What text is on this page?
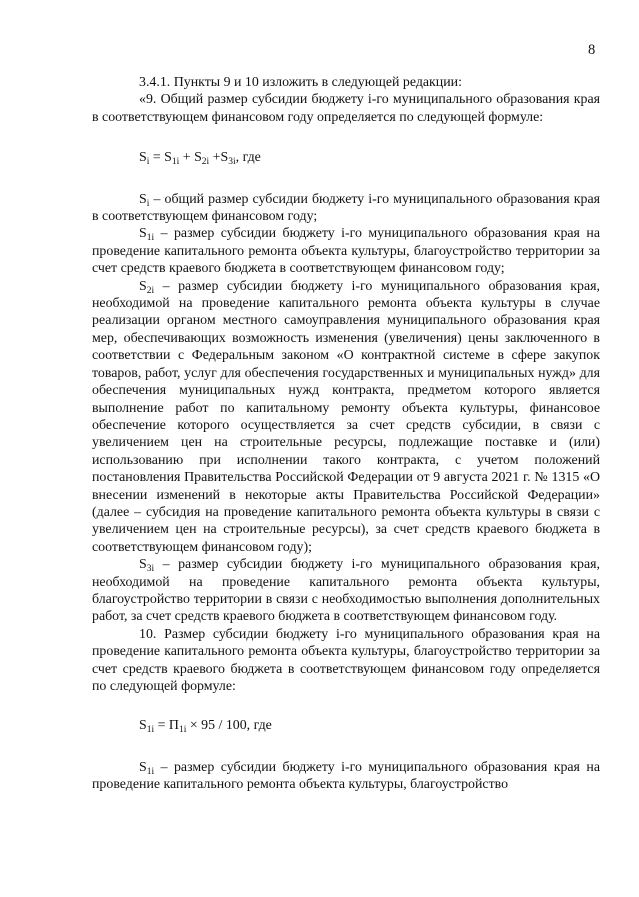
8

3.4.1. Пункты 9 и 10 изложить в следующей редакции:

«9. Общий размер субсидии бюджету i-го муниципального образования края в соответствующем финансовом году определяется по следующей формуле:

$S_i = S_{1i} + S_{2i} +S_{3i}$, где

$S_i$ – общий размер субсидии бюджету i-го муниципального образования края в соответствующем финансовом году;

$S_{1i}$ – размер субсидии бюджету i-го муниципального образования края на проведение капитального ремонта объекта культуры, благоустройство территории за счет средств краевого бюджета в соответствующем финансовом году;

$S_{2i}$ – размер субсидии бюджету i-го муниципального образования края, необходимой на проведение капитального ремонта объекта культуры в случае реализации органом местного самоуправления муниципального образования края мер, обеспечивающих возможность изменения (увеличения) цены заключенного в соответствии с Федеральным законом «О контрактной системе в сфере закупок товаров, работ, услуг для обеспечения государственных и муниципальных нужд» для обеспечения муниципальных нужд контракта, предметом которого является выполнение работ по капитальному ремонту объекта культуры, финансовое обеспечение которого осуществляется за счет средств субсидии, в связи с увеличением цен на строительные ресурсы, подлежащие поставке и (или) использованию при исполнении такого контракта, с учетом положений постановления Правительства Российской Федерации от 9 августа 2021 г. № 1315 «О внесении изменений в некоторые акты Правительства Российской Федерации» (далее – субсидия на проведение капитального ремонта объекта культуры в связи с увеличением цен на строительные ресурсы), за счет средств краевого бюджета в соответствующем финансовом году);

$S_{3i}$ – размер субсидии бюджету i-го муниципального образования края, необходимой на проведение капитального ремонта объекта культуры, благоустройство территории в связи с необходимостью выполнения дополнительных работ, за счет средств краевого бюджета в соответствующем финансовом году.

10. Размер субсидии бюджету i-го муниципального образования края на проведение капитального ремонта объекта культуры, благоустройство территории за счет средств краевого бюджета в соответствующем финансовом году определяется по следующей формуле:

$S_{1i} = П_{1i} \times 95 / 100$, где

$S_{1i}$ – размер субсидии бюджету i-го муниципального образования края на проведение капитального ремонта объекта культуры, благоустройство
